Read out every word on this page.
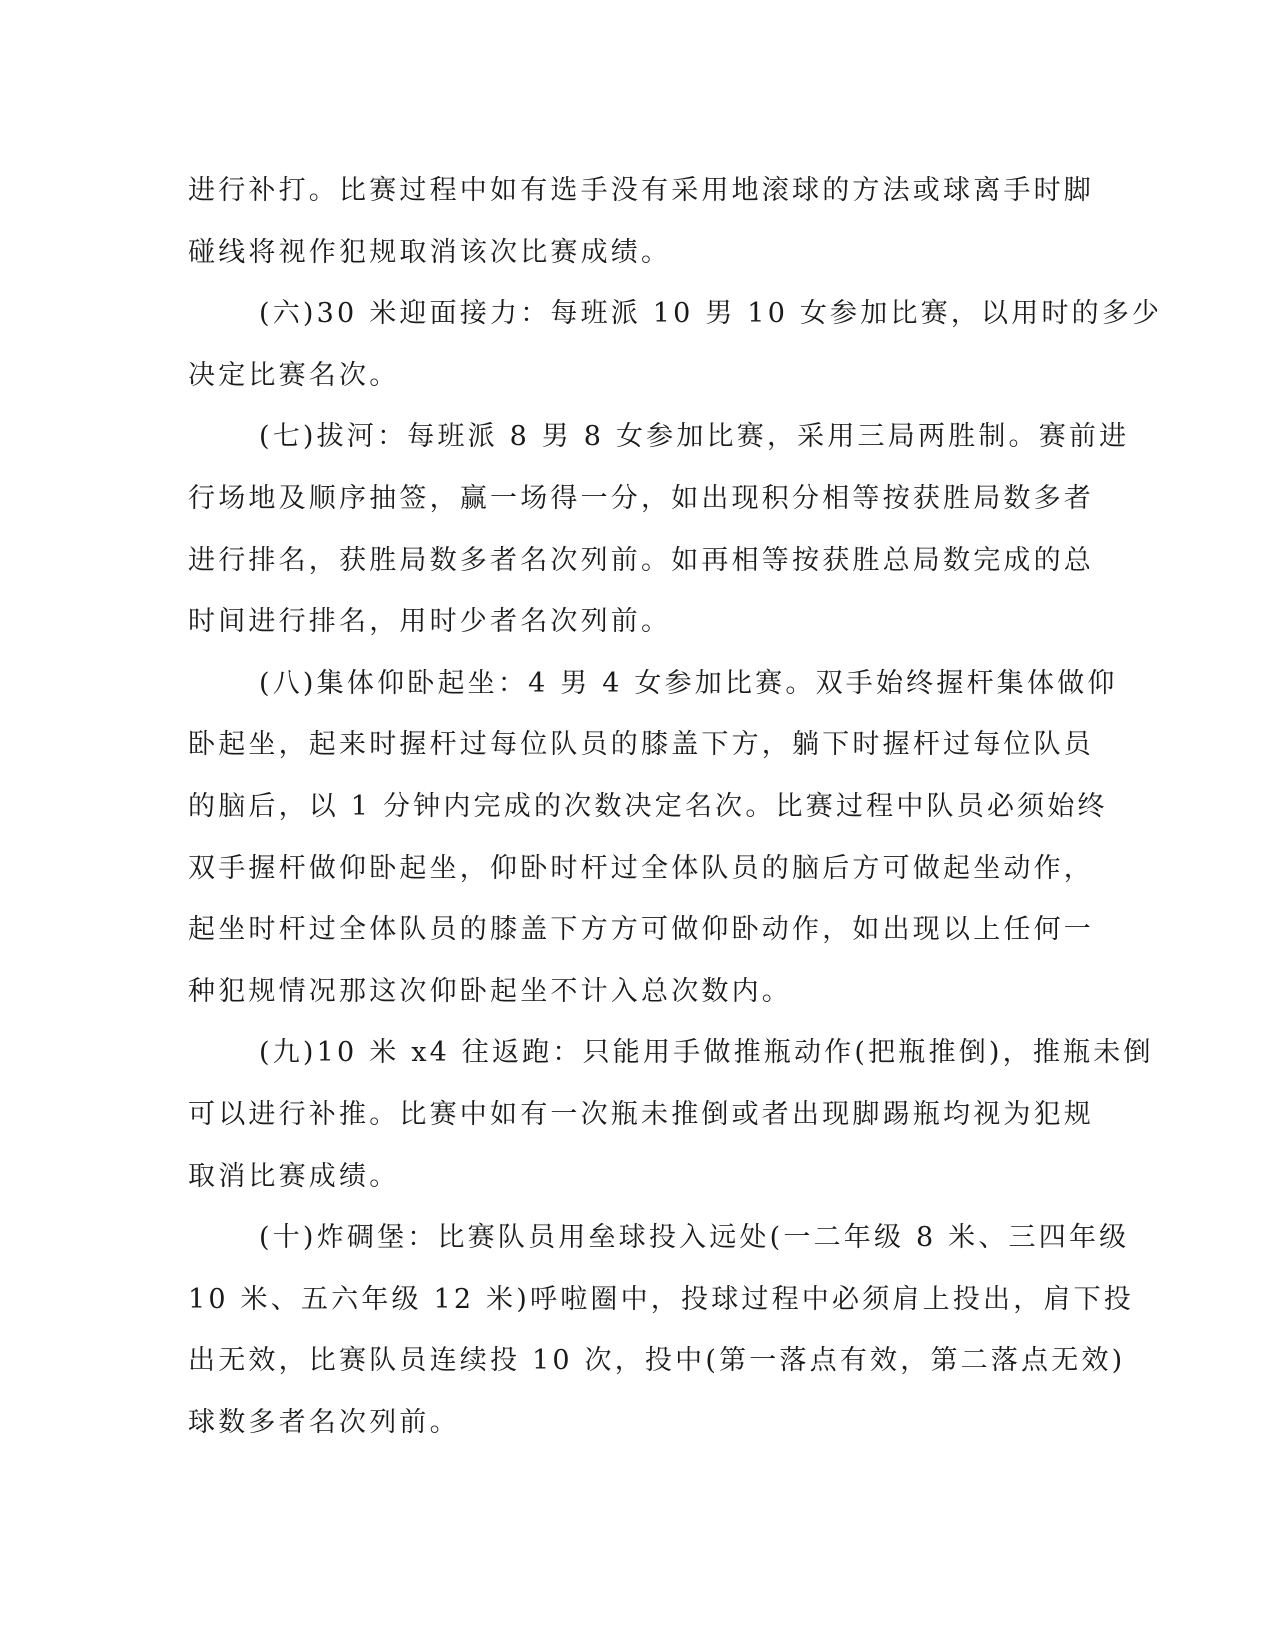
进行补打。比赛过程中如有选手没有采用地滚球的方法或球离手时脚
碰线将视作犯规取消该次比赛成绩。
(六)30 米迎面接力：每班派 10 男 10 女参加比赛，以用时的多少
决定比赛名次。
(七)拔河：每班派 8 男 8 女参加比赛，采用三局两胜制。赛前进
行场地及顺序抽签，赢一场得一分，如出现积分相等按获胜局数多者
进行排名，获胜局数多者名次列前。如再相等按获胜总局数完成的总
时间进行排名，用时少者名次列前。
(八)集体仰卧起坐：4 男 4 女参加比赛。双手始终握杆集体做仰
卧起坐，起来时握杆过每位队员的膝盖下方，躺下时握杆过每位队员
的脑后，以 1 分钟内完成的次数决定名次。比赛过程中队员必须始终
双手握杆做仰卧起坐，仰卧时杆过全体队员的脑后方可做起坐动作，
起坐时杆过全体队员的膝盖下方方可做仰卧动作，如出现以上任何一
种犯规情况那这次仰卧起坐不计入总次数内。
(九)10 米 x4 往返跑：只能用手做推瓶动作(把瓶推倒)，推瓶未倒
可以进行补推。比赛中如有一次瓶未推倒或者出现脚踢瓶均视为犯规
取消比赛成绩。
(十)炸碉堡：比赛队员用垒球投入远处(一二年级 8 米、三四年级
10 米、五六年级 12 米)呼啦圈中，投球过程中必须肩上投出，肩下投
出无效，比赛队员连续投 10 次，投中(第一落点有效，第二落点无效)
球数多者名次列前。
